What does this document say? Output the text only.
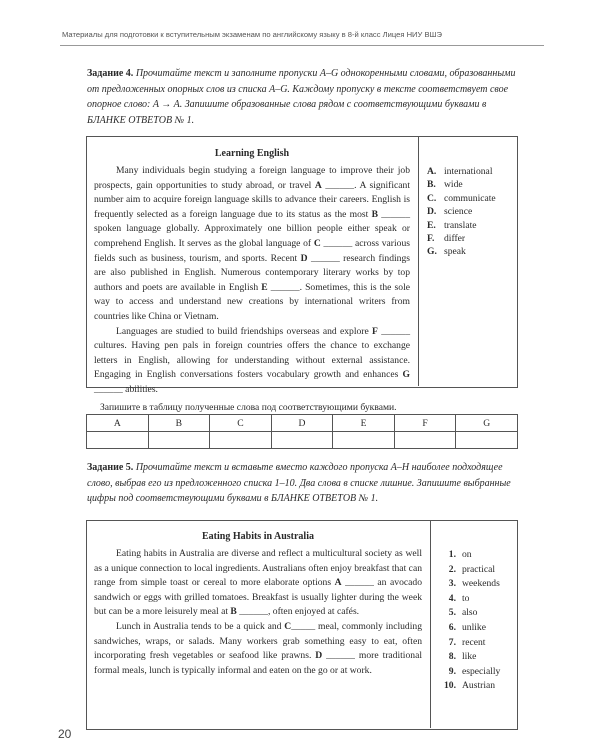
Материалы для подготовки к вступительным экзаменам по английскому языку в 8-й класс Лицея НИУ ВШЭ

Задание 4. Прочитайте текст и заполните пропуски A–G однокоренными словами, образованными от предложенных опорных слов из списка A–G. Каждому пропуску в тексте соответствует свое опорное слово: A → A. Запишите образованные слова рядом с соответствующими буквами в БЛАНКЕ ОТВЕТОВ № 1.

Learning English

Many individuals begin studying a foreign language to improve their job prospects, gain opportunities to study abroad, or travel A ______. A significant number aim to acquire foreign language skills to advance their careers. English is frequently selected as a foreign language due to its status as the most B ______ spoken language globally. Approximately one billion people either speak or comprehend English. It serves as the global language of C ______ across various fields such as business, tourism, and sports. Recent D ______ research findings are also published in English. Numerous contemporary literary works by top authors and poets are available in English E ______. Sometimes, this is the sole way to access and understand new creations by international writers from countries like China or Vietnam.

Languages are studied to build friendships overseas and explore F ______ cultures. Having pen pals in foreign countries offers the chance to exchange letters in English, allowing for understanding without external assistance. Engaging in English conversations fosters vocabulary growth and enhances G ______ abilities.

A. international
B. wide
C. communicate
D. science
E. translate
F. differ
G. speak

Запишите в таблицу полученные слова под соответствующими буквами.

A	B	C	D	E	F	G

Задание 5. Прочитайте текст и вставьте вместо каждого пропуска A–H наиболее подходящее слово, выбрав его из предложенного списка 1–10. Два слова в списке лишние. Запишите выбранные цифры под соответствующими буквами в БЛАНКЕ ОТВЕТОВ № 1.

Eating Habits in Australia

Eating habits in Australia are diverse and reflect a multicultural society as well as a unique connection to local ingredients. Australians often enjoy breakfast that can range from simple toast or cereal to more elaborate options A ______ an avocado sandwich or eggs with grilled tomatoes. Breakfast is usually lighter during the week but can be a more leisurely meal at B ______, often enjoyed at cafés.

Lunch in Australia tends to be a quick and C_____ meal, commonly including sandwiches, wraps, or salads. Many workers grab something easy to eat, often incorporating fresh vegetables or seafood like prawns. D ______ more traditional formal meals, lunch is typically informal and eaten on the go or at work.

1. on
2. practical
3. weekends
4. to
5. also
6. unlike
7. recent
8. like
9. especially
10. Austrian

20
